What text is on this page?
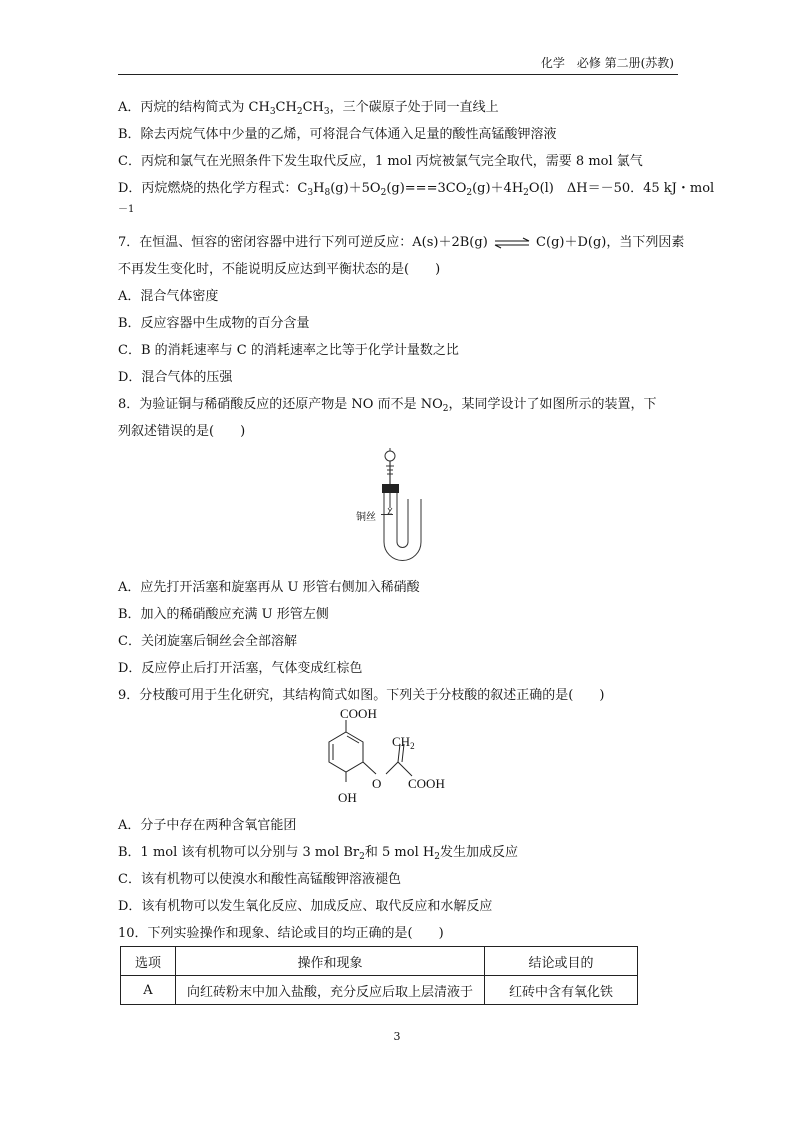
化学　必修 第二册(苏教)
A．丙烷的结构简式为 $CH_3CH_2CH_3$，三个碳原子处于同一直线上
B．除去丙烷气体中少量的乙烯，可将混合气体通入足量的酸性高锰酸钾溶液
C．丙烷和氯气在光照条件下发生取代反应，1 mol 丙烷被氯气完全取代，需要 8 mol 氯气
D．丙烷燃烧的热化学方程式：$C_3H_8(g)+5O_2(g)===3CO_2(g)+4H_2O(l)$　ΔH＝－50．45 kJ・mol
－1
7．在恒温、恒容的密闭容器中进行下列可逆反应：A(s)＋2B(g) ⇌ C(g)＋D(g)，当下列因素
不再发生变化时，不能说明反应达到平衡状态的是(　　)
A．混合气体密度
B．反应容器中生成物的百分含量
C．B 的消耗速率与 C 的消耗速率之比等于化学计量数之比
D．混合气体的压强
8．为验证铜与稀硝酸反应的还原产物是 NO 而不是 $NO_2$，某同学设计了如图所示的装置，下
列叙述错误的是(　　)
铜丝
A．应先打开活塞和旋塞再从 U 形管右侧加入稀硝酸
B．加入的稀硝酸应充满 U 形管左侧
C．关闭旋塞后铜丝会全部溶解
D．反应停止后打开活塞，气体变成红棕色
9．分枝酸可用于生化研究，其结构简式如图。下列关于分枝酸的叙述正确的是(　　)
COOH
$CH_2$
O COOH
OH
A．分子中存在两种含氧官能团
B．1 mol 该有机物可以分别与 3 mol $Br_2$和 5 mol $H_2$发生加成反应
C．该有机物可以使溴水和酸性高锰酸钾溶液褪色
D．该有机物可以发生氧化反应、加成反应、取代反应和水解反应
10．下列实验操作和现象、结论或目的均正确的是(　　)
选项	操作和现象	结论或目的
A	向红砖粉末中加入盐酸，充分反应后取上层清液于	红砖中含有氧化铁
3
